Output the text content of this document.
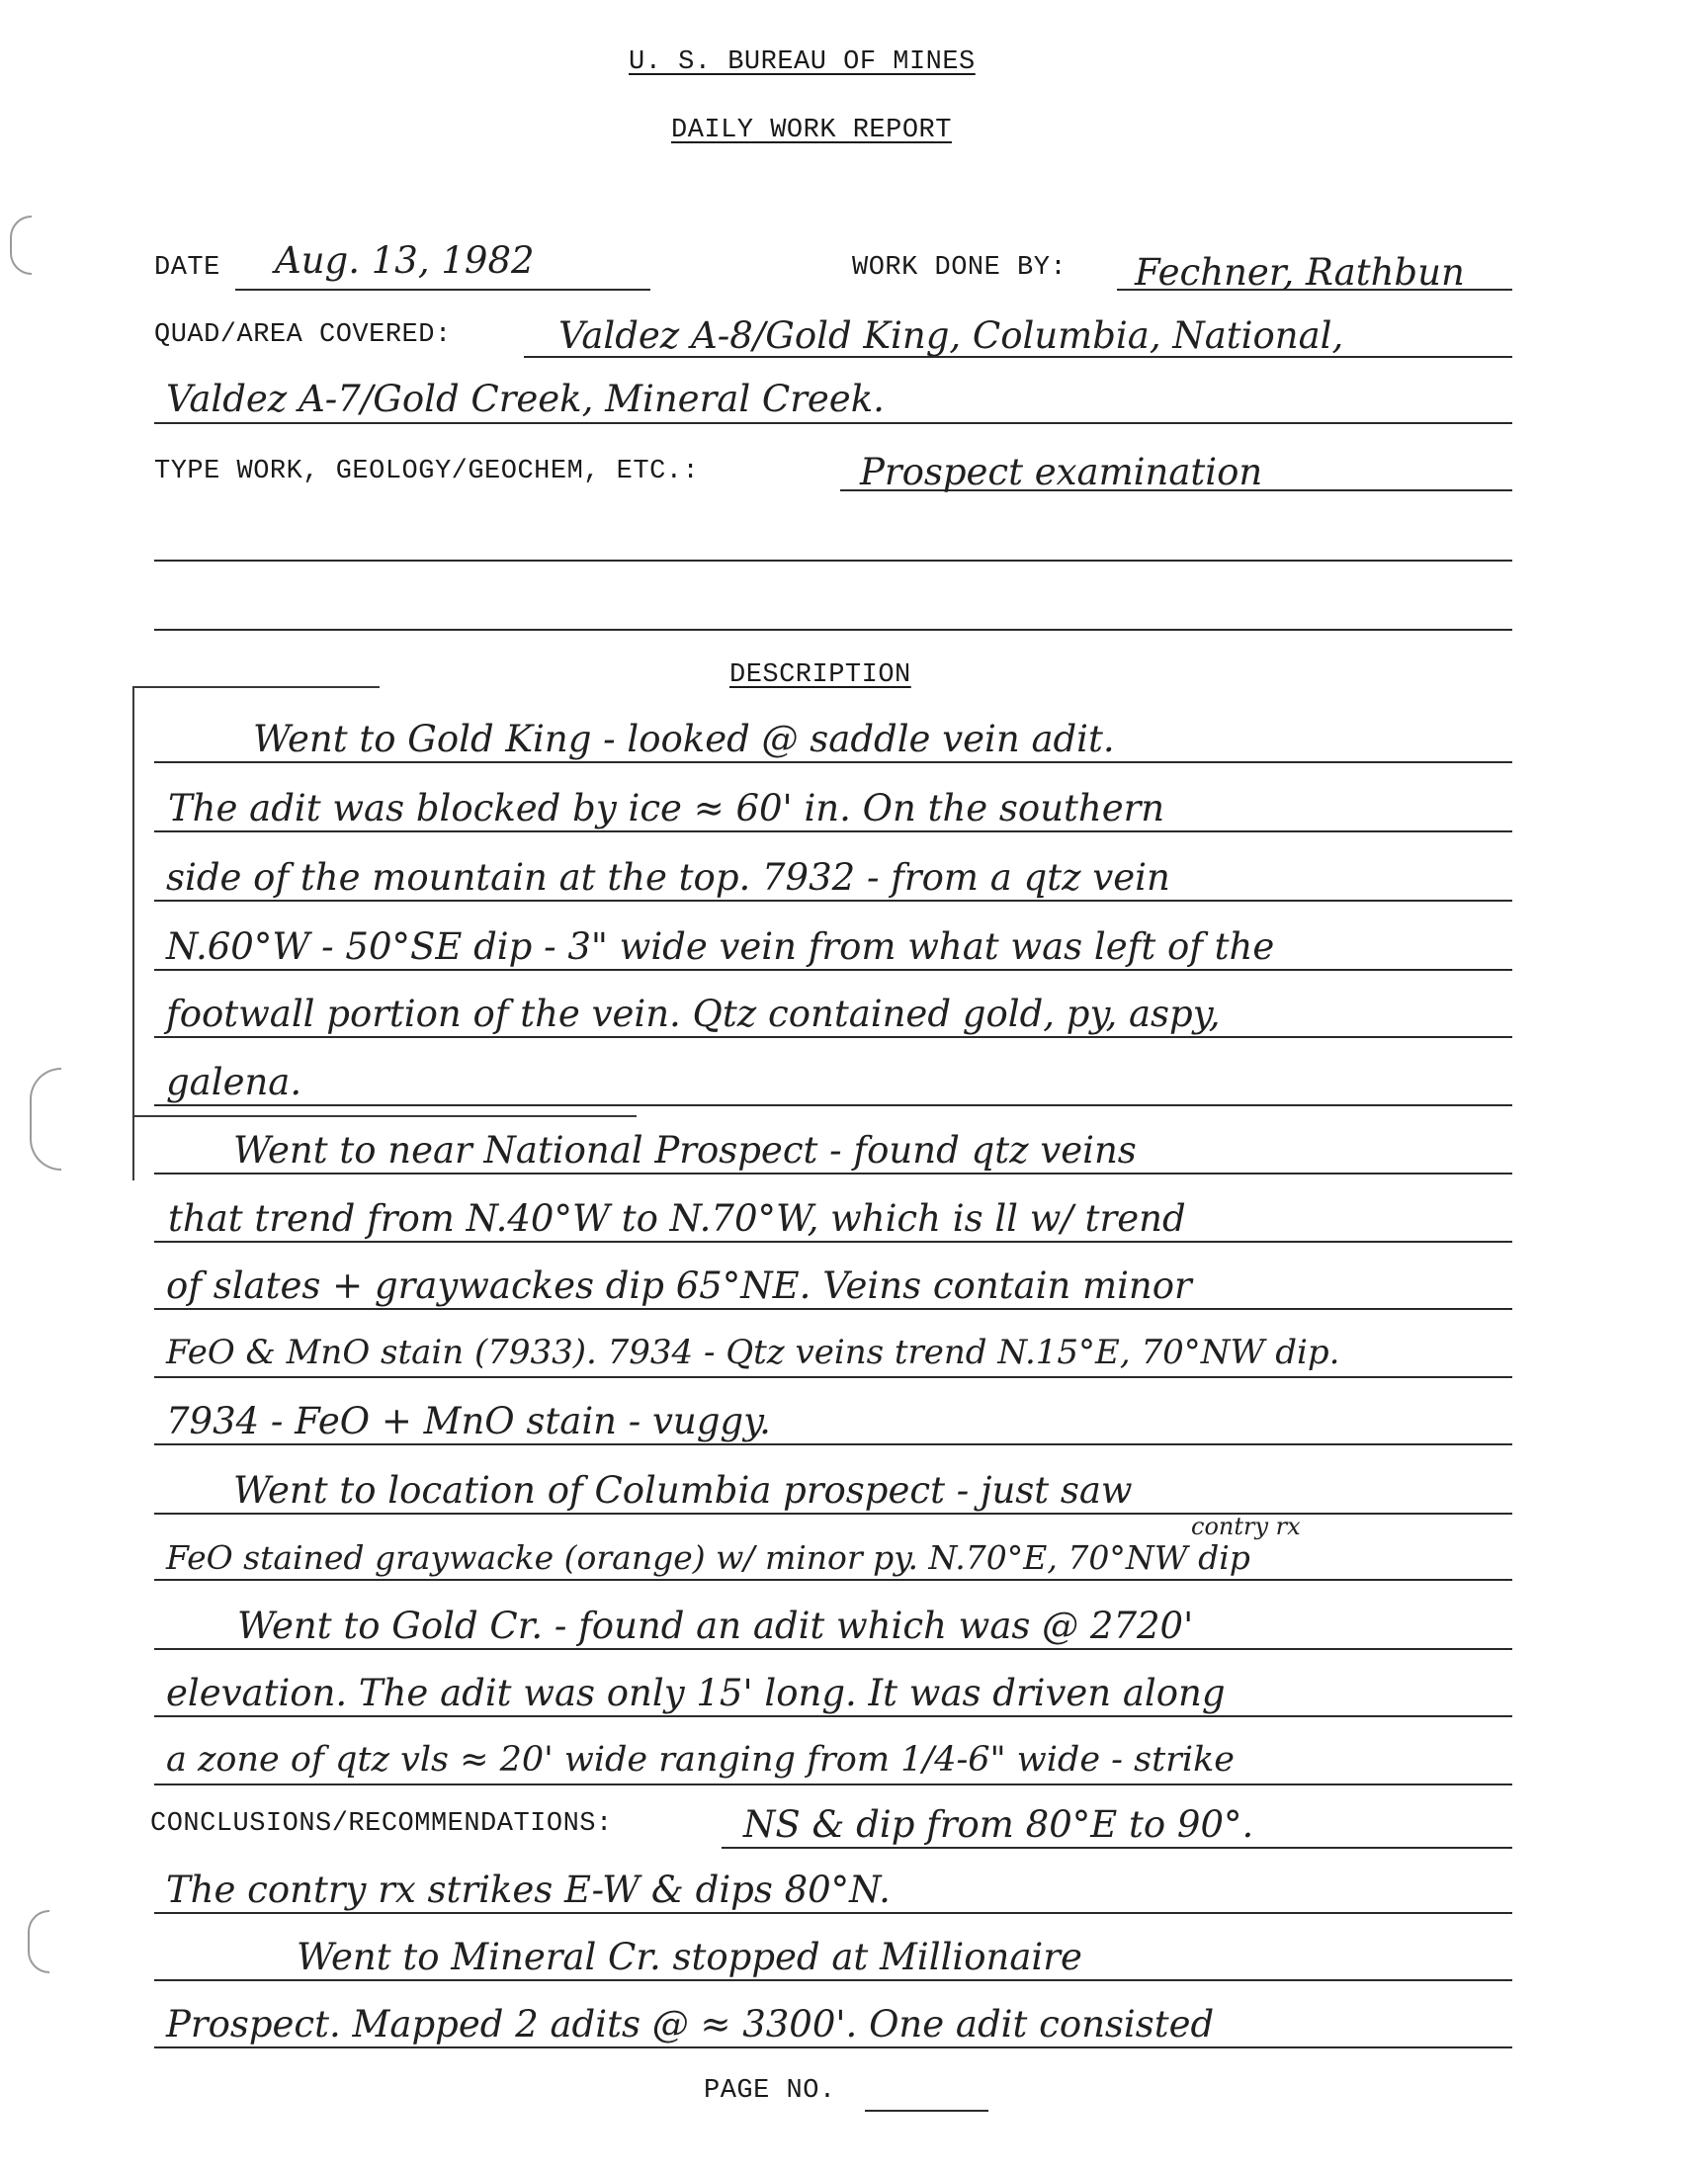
U. S. BUREAU OF MINES
DAILY WORK REPORT
DATE Aug. 13, 1982	WORK DONE BY: Fechner, Rathbun
QUAD/AREA COVERED:	Valdez A-8/Gold King, Columbia, National,
Valdez A-7/Gold Creek, Mineral Creek.
TYPE WORK, GEOLOGY/GEOCHEM, ETC.:	Prospect examination
DESCRIPTION
Went to Gold King - looked @ saddle vein adit.
The adit was blocked by ice ≈ 60' in. On the southern
side of the mountain at the top. 7932 - from a qtz vein
N.60°W - 50°SE dip - 3" wide vein from what was left of the
footwall portion of the vein. Qtz contained gold, py, aspy,
galena.
Went to near National Prospect - found qtz veins
that trend from N.40°W to N.70°W, which is ll w/ trend
of slates + graywackes dip 65°NE. Veins contain minor
FeO & MnO stain (7933). 7934 - Qtz veins trend N.15°E, 70°NW dip.
7934 - FeO + MnO stain - vuggy.
Went to location of Columbia prospect - just saw
contry rx
FeO stained graywacke (orange) w/ minor py. N.70°E, 70°NW dip
Went to Gold Cr. - found an adit which was @ 2720'
elevation. The adit was only 15' long. It was driven along
a zone of qtz vls ≈ 20' wide ranging from 1/4-6" wide - strike
CONCLUSIONS/RECOMMENDATIONS:	NS & dip from 80°E to 90°.
The contry rx strikes E-W & dips 80°N.
Went to Mineral Cr. stopped at Millionaire
Prospect. Mapped 2 adits @ ≈ 3300'. One adit consisted
PAGE NO.
